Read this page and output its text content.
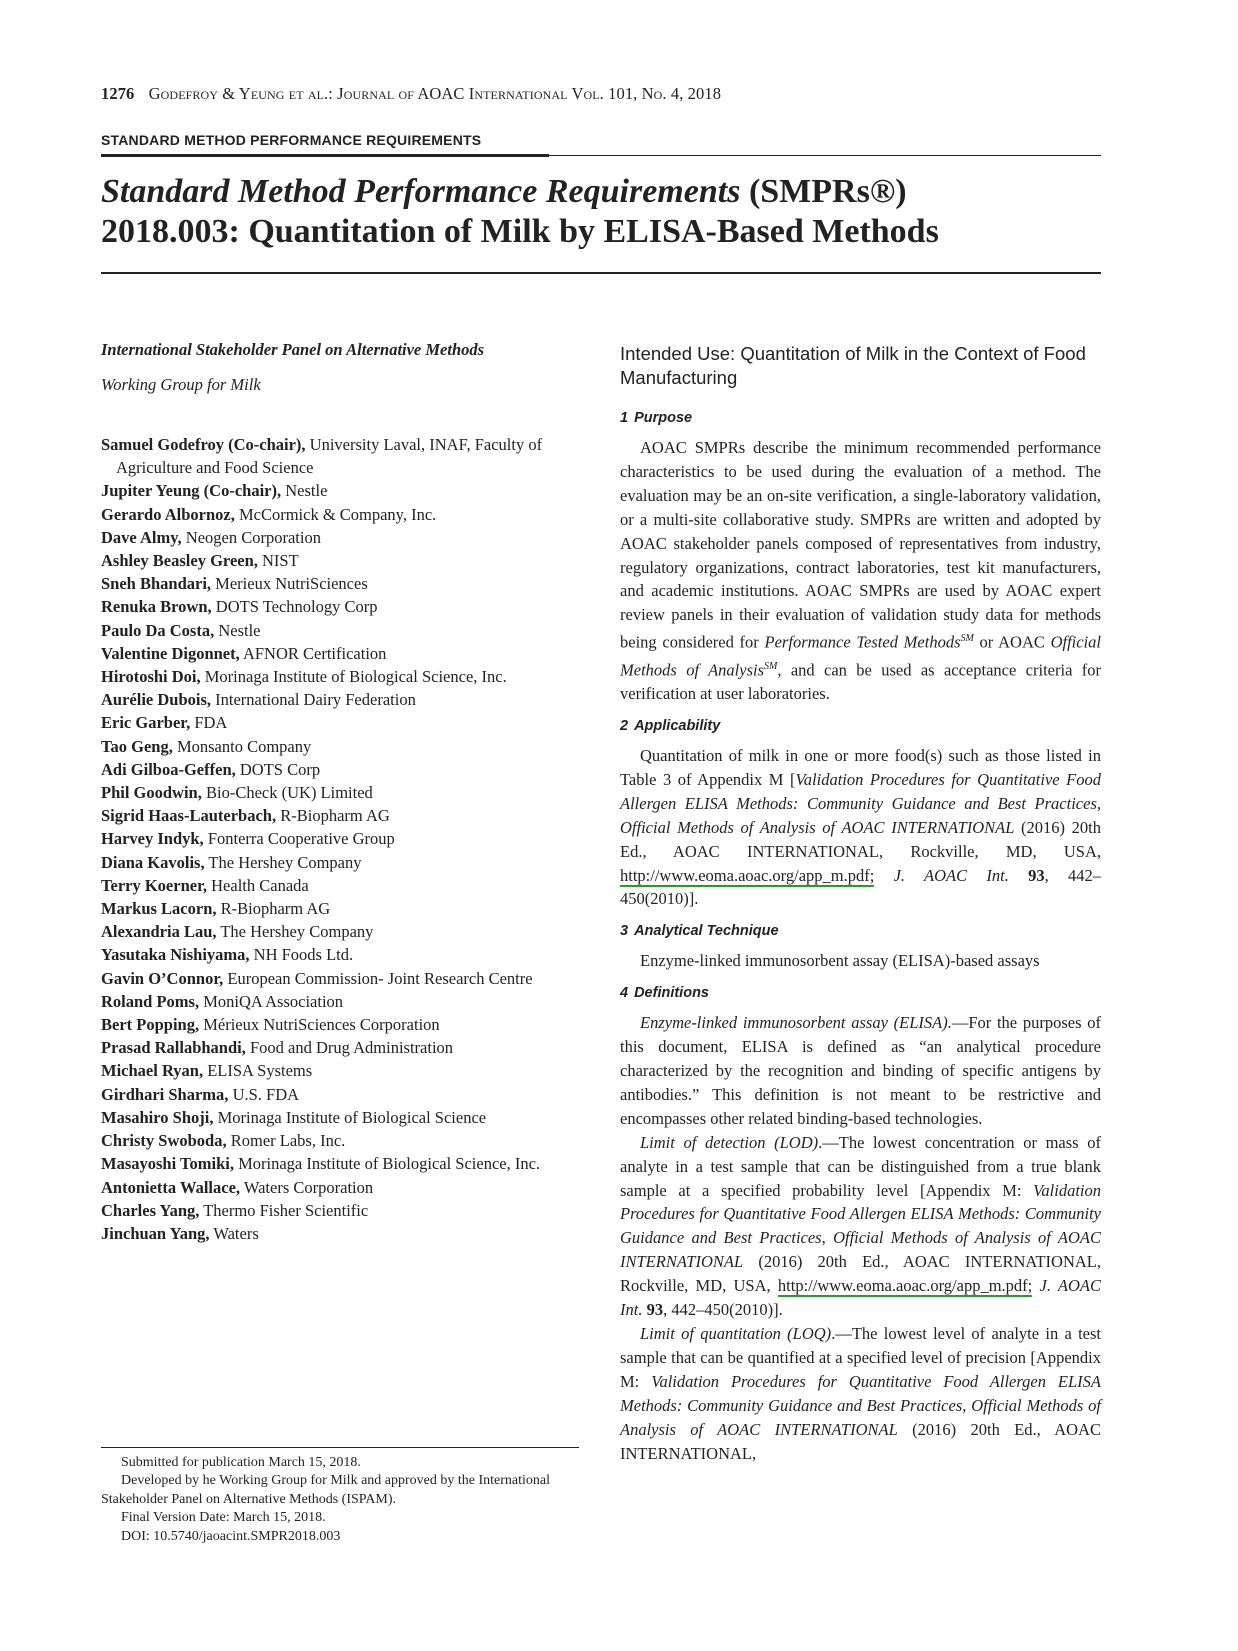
1276 Godefroy & Yeung et al.: Journal of AOAC International Vol. 101, No. 4, 2018
STANDARD METHOD PERFORMANCE REQUIREMENTS
Standard Method Performance Requirements (SMPRs®)
2018.003: Quantitation of Milk by ELISA-Based Methods
International Stakeholder Panel on Alternative Methods
Working Group for Milk
Samuel Godefroy (Co-chair), University Laval, INAF, Faculty of Agriculture and Food Science
Jupiter Yeung (Co-chair), Nestle
Gerardo Albornoz, McCormick & Company, Inc.
Dave Almy, Neogen Corporation
Ashley Beasley Green, NIST
Sneh Bhandari, Merieux NutriSciences
Renuka Brown, DOTS Technology Corp
Paulo Da Costa, Nestle
Valentine Digonnet, AFNOR Certification
Hirotoshi Doi, Morinaga Institute of Biological Science, Inc.
Aurélie Dubois, International Dairy Federation
Eric Garber, FDA
Tao Geng, Monsanto Company
Adi Gilboa-Geffen, DOTS Corp
Phil Goodwin, Bio-Check (UK) Limited
Sigrid Haas-Lauterbach, R-Biopharm AG
Harvey Indyk, Fonterra Cooperative Group
Diana Kavolis, The Hershey Company
Terry Koerner, Health Canada
Markus Lacorn, R-Biopharm AG
Alexandria Lau, The Hershey Company
Yasutaka Nishiyama, NH Foods Ltd.
Gavin O’Connor, European Commission- Joint Research Centre
Roland Poms, MoniQA Association
Bert Popping, Mérieux NutriSciences Corporation
Prasad Rallabhandi, Food and Drug Administration
Michael Ryan, ELISA Systems
Girdhari Sharma, U.S. FDA
Masahiro Shoji, Morinaga Institute of Biological Science
Christy Swoboda, Romer Labs, Inc.
Masayoshi Tomiki, Morinaga Institute of Biological Science, Inc.
Antonietta Wallace, Waters Corporation
Charles Yang, Thermo Fisher Scientific
Jinchuan Yang, Waters
Submitted for publication March 15, 2018.
Developed by he Working Group for Milk and approved by the International Stakeholder Panel on Alternative Methods (ISPAM).
Final Version Date: March 15, 2018.
DOI: 10.5740/jaoacint.SMPR2018.003
Intended Use: Quantitation of Milk in the Context of Food Manufacturing
1 Purpose
AOAC SMPRs describe the minimum recommended performance characteristics to be used during the evaluation of a method. The evaluation may be an on-site verification, a single-laboratory validation, or a multi-site collaborative study. SMPRs are written and adopted by AOAC stakeholder panels composed of representatives from industry, regulatory organizations, contract laboratories, test kit manufacturers, and academic institutions. AOAC SMPRs are used by AOAC expert review panels in their evaluation of validation study data for methods being considered for Performance Tested Methods℠ or AOAC Official Methods of Analysis℠, and can be used as acceptance criteria for verification at user laboratories.
2 Applicability
Quantitation of milk in one or more food(s) such as those listed in Table 3 of Appendix M [Validation Procedures for Quantitative Food Allergen ELISA Methods: Community Guidance and Best Practices, Official Methods of Analysis of AOAC INTERNATIONAL (2016) 20th Ed., AOAC INTERNATIONAL, Rockville, MD, USA, http://www.eoma.aoac.org/app_m.pdf; J. AOAC Int. 93, 442–450(2010)].
3 Analytical Technique
Enzyme-linked immunosorbent assay (ELISA)-based assays
4 Definitions
Enzyme-linked immunosorbent assay (ELISA).—For the purposes of this document, ELISA is defined as “an analytical procedure characterized by the recognition and binding of specific antigens by antibodies.” This definition is not meant to be restrictive and encompasses other related binding-based technologies.
Limit of detection (LOD).—The lowest concentration or mass of analyte in a test sample that can be distinguished from a true blank sample at a specified probability level [Appendix M: Validation Procedures for Quantitative Food Allergen ELISA Methods: Community Guidance and Best Practices, Official Methods of Analysis of AOAC INTERNATIONAL (2016) 20th Ed., AOAC INTERNATIONAL, Rockville, MD, USA, http://www.eoma.aoac.org/app_m.pdf; J. AOAC Int. 93, 442–450(2010)].
Limit of quantitation (LOQ).—The lowest level of analyte in a test sample that can be quantified at a specified level of precision [Appendix M: Validation Procedures for Quantitative Food Allergen ELISA Methods: Community Guidance and Best Practices, Official Methods of Analysis of AOAC INTERNATIONAL (2016) 20th Ed., AOAC INTERNATIONAL,
